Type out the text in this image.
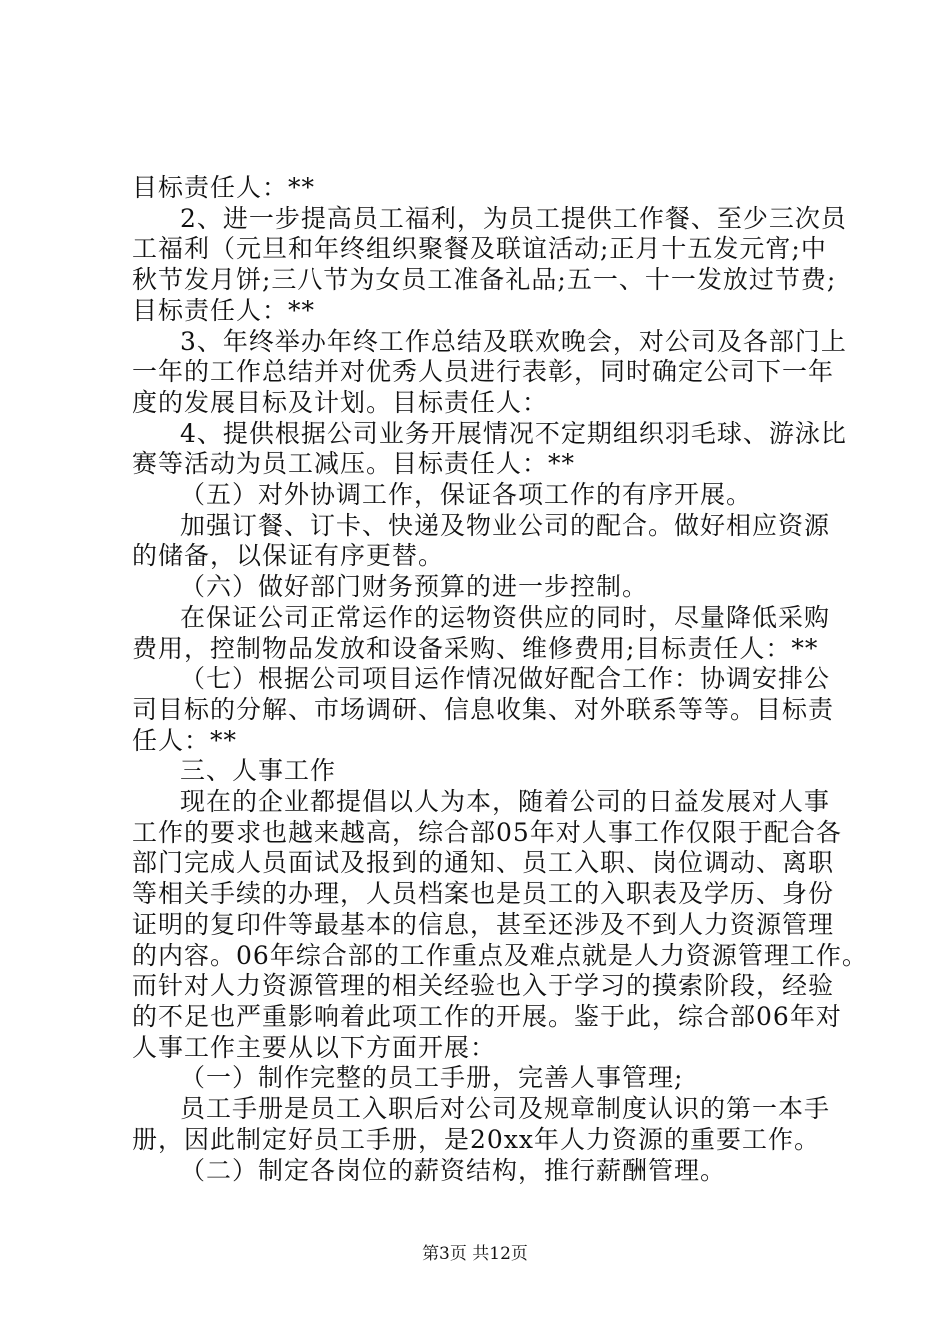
目标责任人：**
2、进一步提高员工福利，为员工提供工作餐、至少三次员
工福利（元旦和年终组织聚餐及联谊活动;正月十五发元宵;中
秋节发月饼;三八节为女员工准备礼品;五一、十一发放过节费;
目标责任人：**
3、年终举办年终工作总结及联欢晚会，对公司及各部门上
一年的工作总结并对优秀人员进行表彰，同时确定公司下一年
度的发展目标及计划。目标责任人：
4、提供根据公司业务开展情况不定期组织羽毛球、游泳比
赛等活动为员工减压。目标责任人：**
（五）对外协调工作，保证各项工作的有序开展。
加强订餐、订卡、快递及物业公司的配合。做好相应资源
的储备，以保证有序更替。
（六）做好部门财务预算的进一步控制。
在保证公司正常运作的运物资供应的同时，尽量降低采购
费用，控制物品发放和设备采购、维修费用;目标责任人：**
（七）根据公司项目运作情况做好配合工作：协调安排公
司目标的分解、市场调研、信息收集、对外联系等等。目标责
任人：**
三、人事工作
现在的企业都提倡以人为本，随着公司的日益发展对人事
工作的要求也越来越高，综合部05年对人事工作仅限于配合各
部门完成人员面试及报到的通知、员工入职、岗位调动、离职
等相关手续的办理，人员档案也是员工的入职表及学历、身份
证明的复印件等最基本的信息，甚至还涉及不到人力资源管理
的内容。06年综合部的工作重点及难点就是人力资源管理工作。
而针对人力资源管理的相关经验也入于学习的摸索阶段，经验
的不足也严重影响着此项工作的开展。鉴于此，综合部06年对
人事工作主要从以下方面开展：
（一）制作完整的员工手册，完善人事管理;
员工手册是员工入职后对公司及规章制度认识的第一本手
册，因此制定好员工手册，是20xx年人力资源的重要工作。
（二）制定各岗位的薪资结构，推行薪酬管理。
第3页 共12页
